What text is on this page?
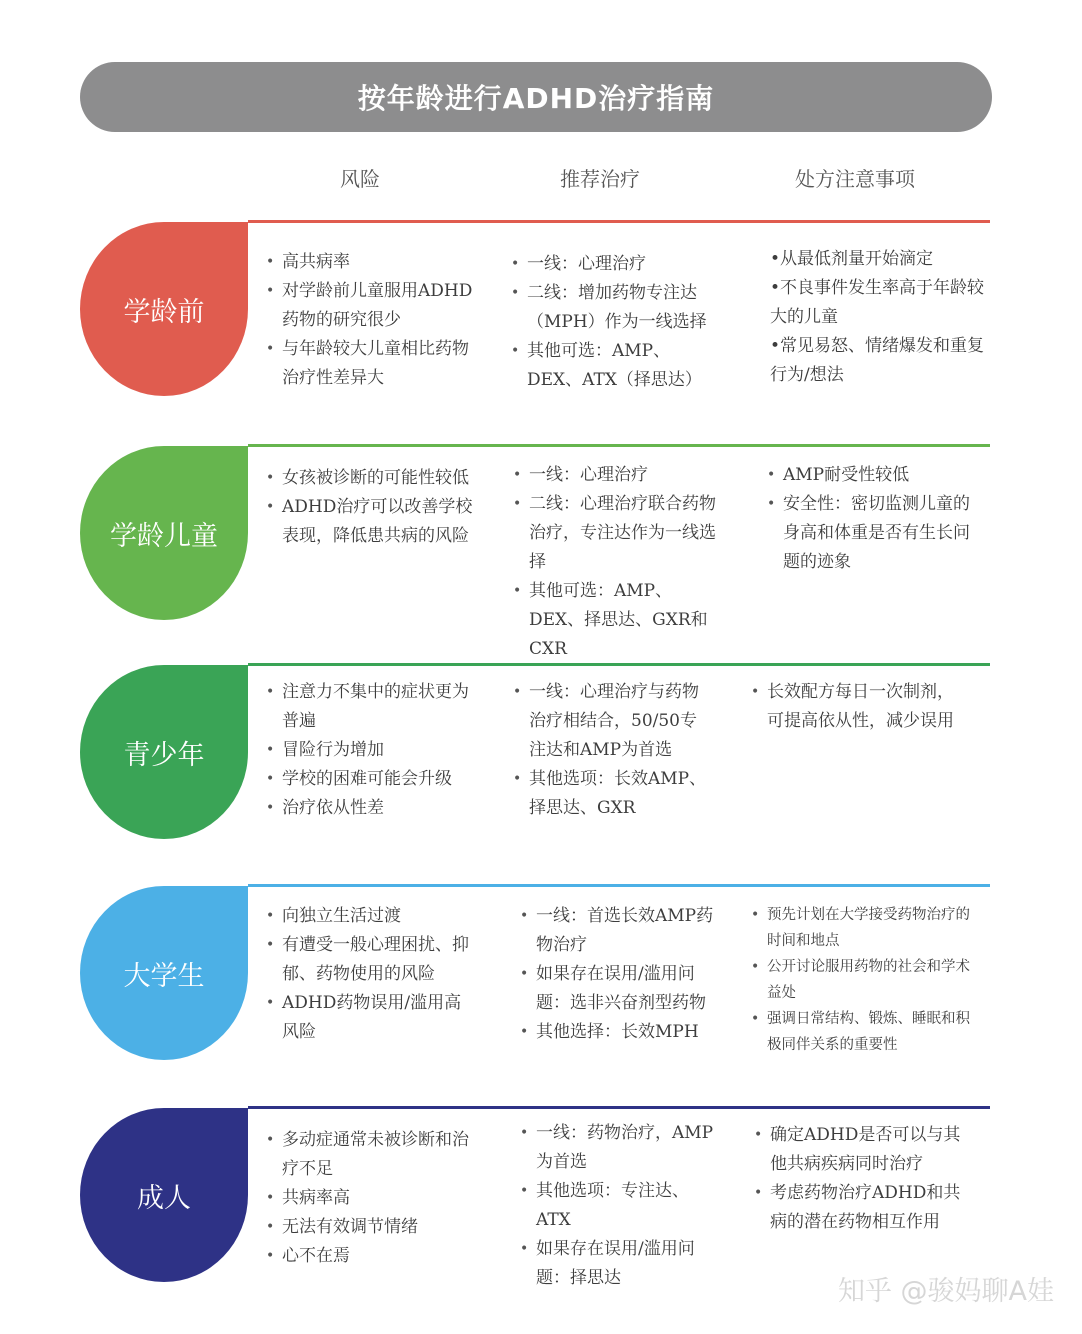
按年龄进行ADHD治疗指南
风险	推荐治疗	处方注意事项
学龄前
• 高共病率
• 对学龄前儿童服用ADHD药物的研究很少
• 与年龄较大儿童相比药物治疗性差异大
• 一线：心理治疗
• 二线：增加药物专注达（MPH）作为一线选择
• 其他可选：AMP、DEX、ATX（择思达）
•从最低剂量开始滴定
•不良事件发生率高于年龄较大的儿童
•常见易怒、情绪爆发和重复行为/想法
学龄儿童
• 女孩被诊断的可能性较低
• ADHD治疗可以改善学校表现，降低患共病的风险
• 一线：心理治疗
• 二线：心理治疗联合药物治疗，专注达作为一线选择
• 其他可选：AMP、DEX、择思达、GXR和CXR
• AMP耐受性较低
• 安全性：密切监测儿童的身高和体重是否有生长问题的迹象
青少年
• 注意力不集中的症状更为普遍
• 冒险行为增加
• 学校的困难可能会升级
• 治疗依从性差
• 一线：心理治疗与药物治疗相结合，50/50专注达和AMP为首选
• 其他选项：长效AMP、择思达、GXR
• 长效配方每日一次制剂，可提高依从性，减少误用
大学生
• 向独立生活过渡
• 有遭受一般心理困扰、抑郁、药物使用的风险
• ADHD药物误用/滥用高风险
• 一线：首选长效AMP药物治疗
• 如果存在误用/滥用问题：选非兴奋剂型药物
• 其他选择：长效MPH
• 预先计划在大学接受药物治疗的时间和地点
• 公开讨论服用药物的社会和学术益处
• 强调日常结构、锻炼、睡眠和积极同伴关系的重要性
成人
• 多动症通常未被诊断和治疗不足
• 共病率高
• 无法有效调节情绪
• 心不在焉
• 一线：药物治疗，AMP为首选
• 其他选项：专注达、ATX
• 如果存在误用/滥用问题：择思达
• 确定ADHD是否可以与其他共病疾病同时治疗
• 考虑药物治疗ADHD和共病的潜在药物相互作用
知乎 @骏妈聊A娃
